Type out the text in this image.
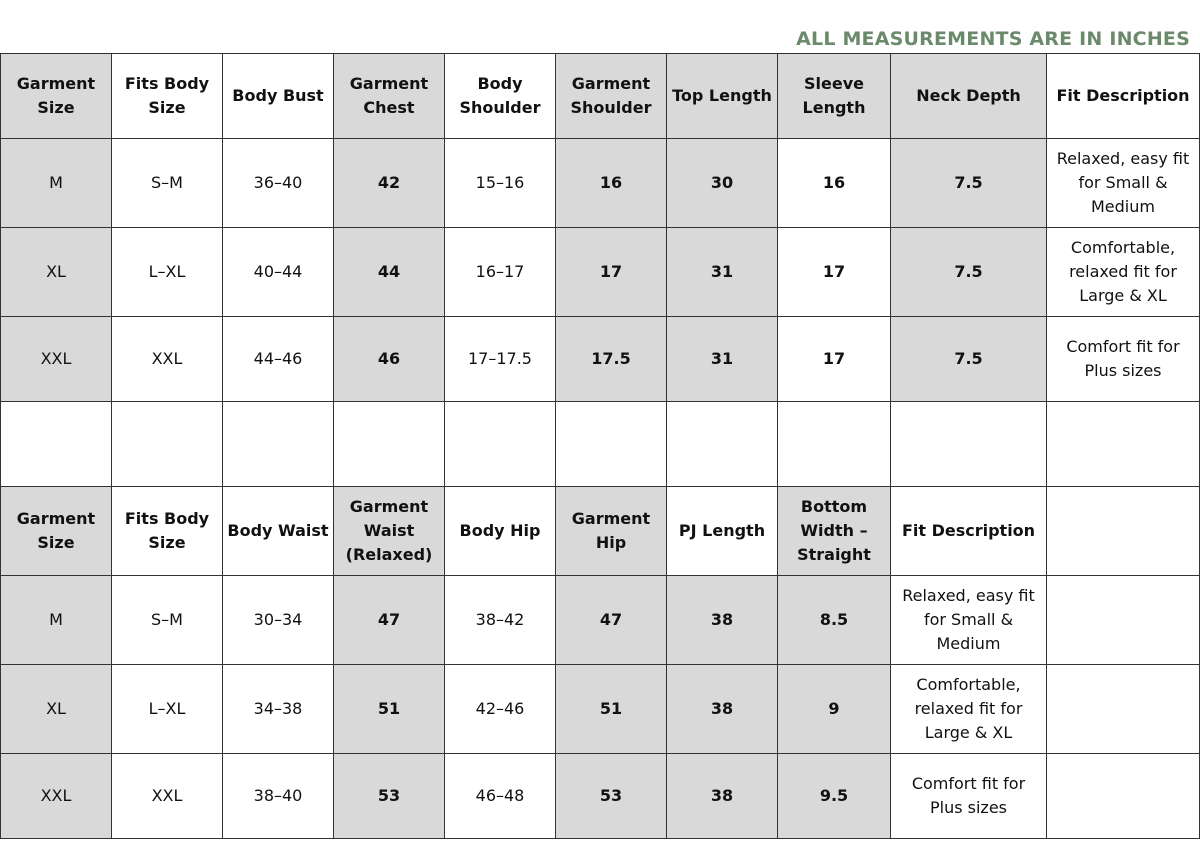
ALL MEASUREMENTS ARE IN INCHES
Garment Size	Fits Body Size	Body Bust	Garment Chest	Body Shoulder	Garment Shoulder	Top Length	Sleeve Length	Neck Depth	Fit Description
M	S–M	36–40	42	15–16	16	30	16	7.5	Relaxed, easy fit for Small & Medium
XL	L–XL	40–44	44	16–17	17	31	17	7.5	Comfortable, relaxed fit for Large & XL
XXL	XXL	44–46	46	17–17.5	17.5	31	17	7.5	Comfort fit for Plus sizes

Garment Size	Fits Body Size	Body Waist	Garment Waist (Relaxed)	Body Hip	Garment Hip	PJ Length	Bottom Width – Straight	Fit Description	
M	S–M	30–34	47	38–42	47	38	8.5	Relaxed, easy fit for Small & Medium	
XL	L–XL	34–38	51	42–46	51	38	9	Comfortable, relaxed fit for Large & XL	
XXL	XXL	38–40	53	46–48	53	38	9.5	Comfort fit for Plus sizes	
